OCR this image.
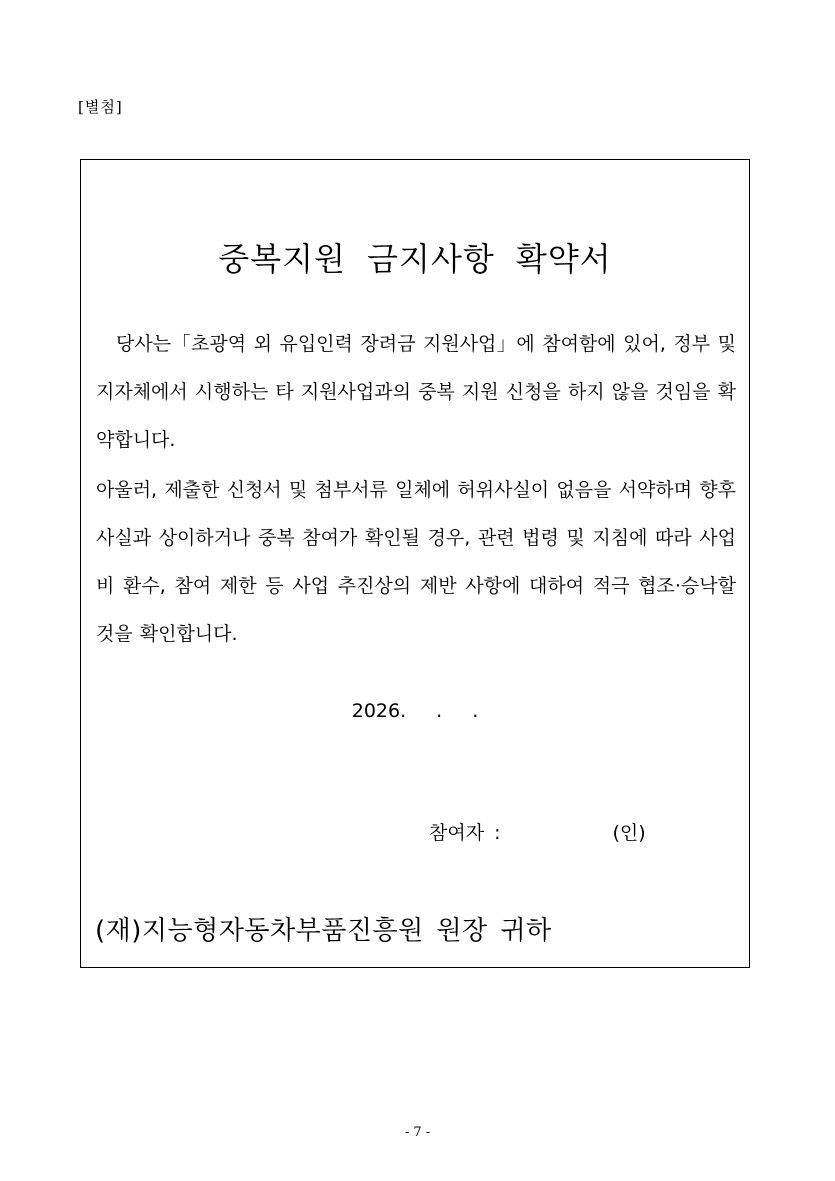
[별첨]
중복지원 금지사항 확약서
당사는「초광역 외 유입인력 장려금 지원사업」에 참여함에 있어, 정부 및 지자체에서 시행하는 타 지원사업과의 중복 지원 신청을 하지 않을 것임을 확약합니다.
아울러, 제출한 신청서 및 첨부서류 일체에 허위사실이 없음을 서약하며 향후 사실과 상이하거나 중복 참여가 확인될 경우, 관련 법령 및 지침에 따라 사업비 환수, 참여 제한 등 사업 추진상의 제반 사항에 대하여 적극 협조·승낙할 것을 확인합니다.
2026. . .
참여자 :	(인)
(재)지능형자동차부품진흥원 원장 귀하
- 7 -
